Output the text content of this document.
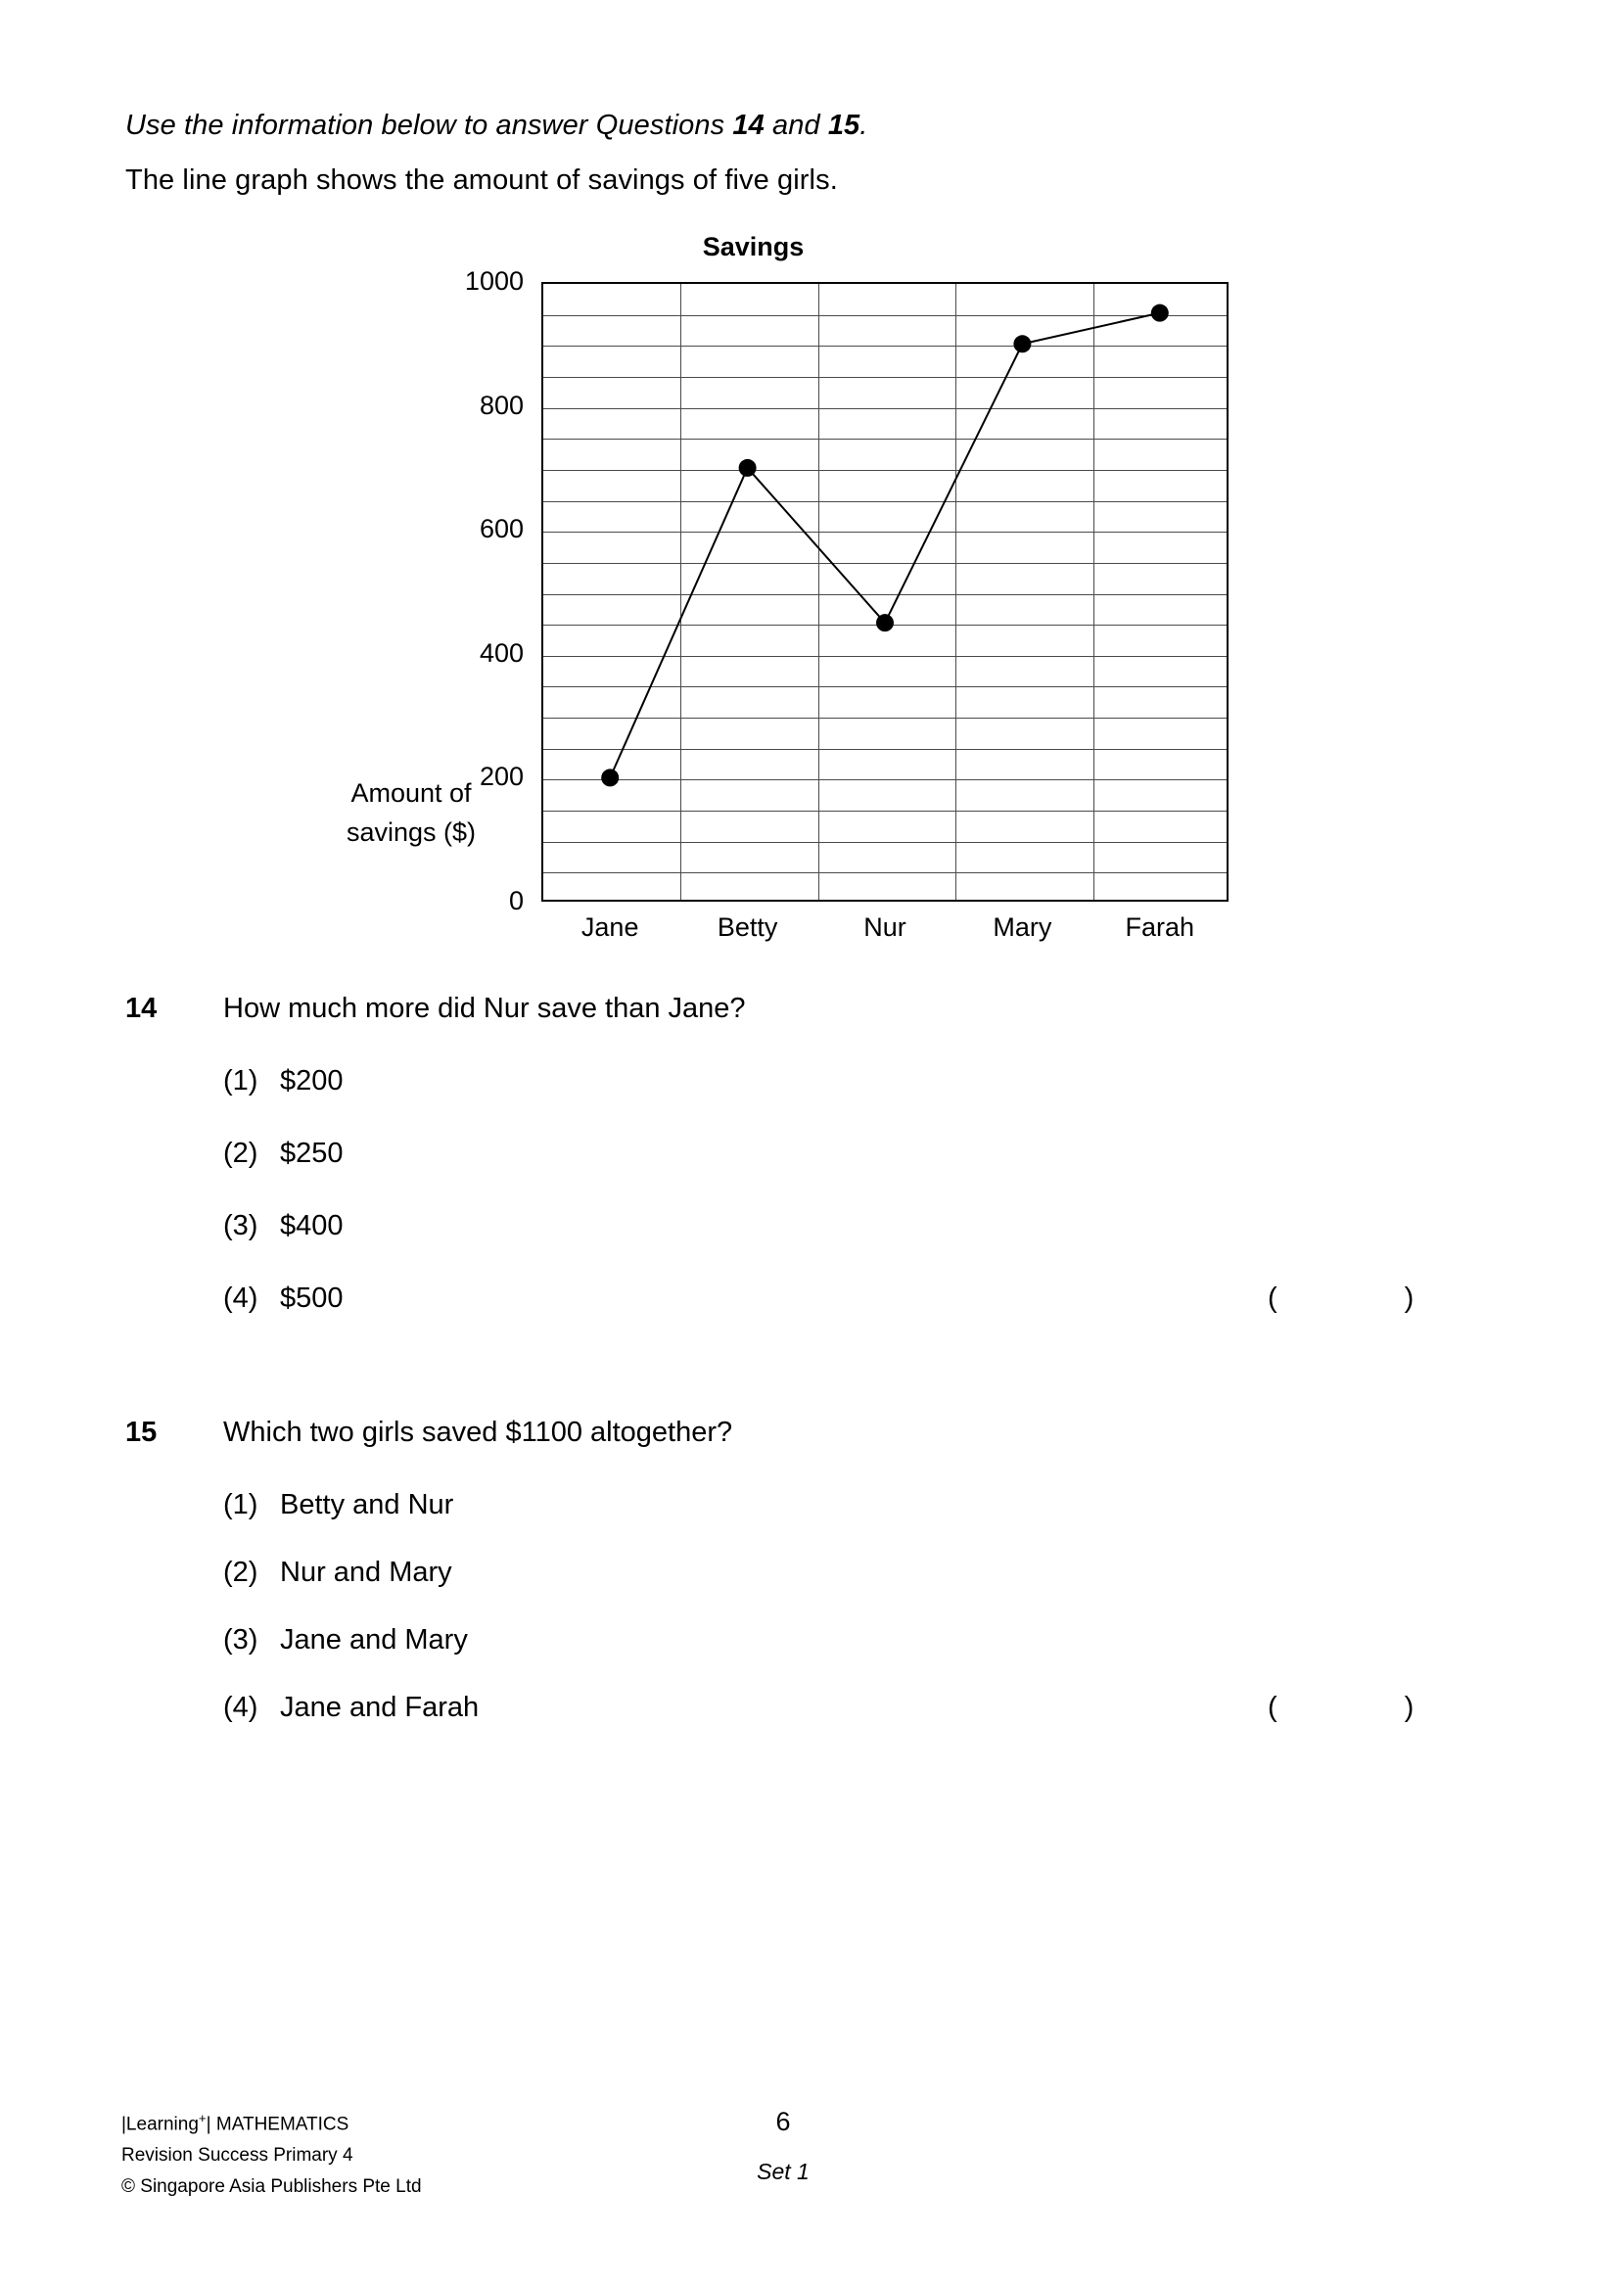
Use the information below to answer Questions 14 and 15.
The line graph shows the amount of savings of five girls.
Savings
1000
800
600
400
200
0
Amount of
savings ($)
Jane	Betty	Nur	Mary	Farah
14 How much more did Nur save than Jane?
(1) $200
(2) $250
(3) $400
(4) $500	(	)
15 Which two girls saved $1100 altogether?
(1) Betty and Nur
(2) Nur and Mary
(3) Jane and Mary
(4) Jane and Farah	(	)
|Learning+| MATHEMATICS
Revision Success Primary 4
© Singapore Asia Publishers Pte Ltd
6
Set 1
